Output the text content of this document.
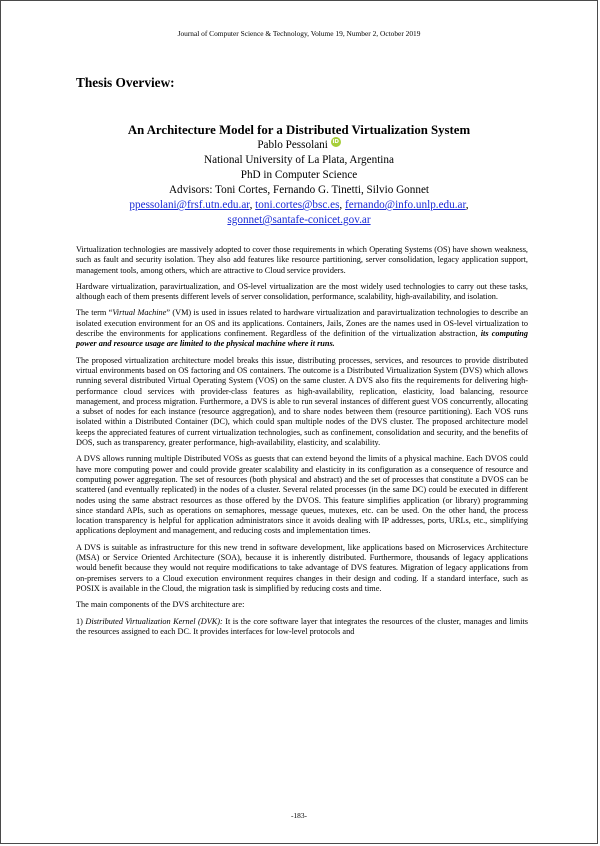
Journal of Computer Science & Technology, Volume 19, Number 2, October 2019
Thesis Overview:
An Architecture Model for a Distributed Virtualization System
Pablo Pessolani iD
National University of La Plata, Argentina
PhD in Computer Science
Advisors: Toni Cortes, Fernando G. Tinetti, Silvio Gonnet
ppessolani@frsf.utn.edu.ar, toni.cortes@bsc.es, fernando@info.unlp.edu.ar,
sgonnet@santafe-conicet.gov.ar

Virtualization technologies are massively adopted to cover those requirements in which Operating Systems (OS) have shown weakness, such as fault and security isolation. They also add features like resource partitioning, server consolidation, legacy application support, management tools, among others, which are attractive to Cloud service providers.

Hardware virtualization, paravirtualization, and OS-level virtualization are the most widely used technologies to carry out these tasks, although each of them presents different levels of server consolidation, performance, scalability, high-availability, and isolation.

The term “Virtual Machine” (VM) is used in issues related to hardware virtualization and paravirtualization technologies to describe an isolated execution environment for an OS and its applications. Containers, Jails, Zones are the names used in OS-level virtualization to describe the environments for applications confinement. Regardless of the definition of the virtualization abstraction, its computing power and resource usage are limited to the physical machine where it runs.

The proposed virtualization architecture model breaks this issue, distributing processes, services, and resources to provide distributed virtual environments based on OS factoring and OS containers. The outcome is a Distributed Virtualization System (DVS) which allows running several distributed Virtual Operating System (VOS) on the same cluster. A DVS also fits the requirements for delivering high-performance cloud services with provider-class features as high-availability, replication, elasticity, load balancing, resource management, and process migration. Furthermore, a DVS is able to run several instances of different guest VOS concurrently, allocating a subset of nodes for each instance (resource aggregation), and to share nodes between them (resource partitioning). Each VOS runs isolated within a Distributed Container (DC), which could span multiple nodes of the DVS cluster. The proposed architecture model keeps the appreciated features of current virtualization technologies, such as confinement, consolidation and security, and the benefits of DOS, such as transparency, greater performance, high-availability, elasticity, and scalability.

A DVS allows running multiple Distributed VOSs as guests that can extend beyond the limits of a physical machine. Each DVOS could have more computing power and could provide greater scalability and elasticity in its configuration as a consequence of resource and computing power aggregation. The set of resources (both physical and abstract) and the set of processes that constitute a DVOS can be scattered (and eventually replicated) in the nodes of a cluster. Several related processes (in the same DC) could be executed in different nodes using the same abstract resources as those offered by the DVOS. This feature simplifies application (or library) programming since standard APIs, such as operations on semaphores, message queues, mutexes, etc. can be used. On the other hand, the process location transparency is helpful for application administrators since it avoids dealing with IP addresses, ports, URLs, etc., simplifying applications deployment and management, and reducing costs and implementation times.

A DVS is suitable as infrastructure for this new trend in software development, like applications based on Microservices Architecture (MSA) or Service Oriented Architecture (SOA), because it is inherently distributed. Furthermore, thousands of legacy applications would benefit because they would not require modifications to take advantage of DVS features. Migration of legacy applications from on-premises servers to a Cloud execution environment requires changes in their design and coding. If a standard interface, such as POSIX is available in the Cloud, the migration task is simplified by reducing costs and time.

The main components of the DVS architecture are:

1) Distributed Virtualization Kernel (DVK): It is the core software layer that integrates the resources of the cluster, manages and limits the resources assigned to each DC. It provides interfaces for low-level protocols and

-183-
